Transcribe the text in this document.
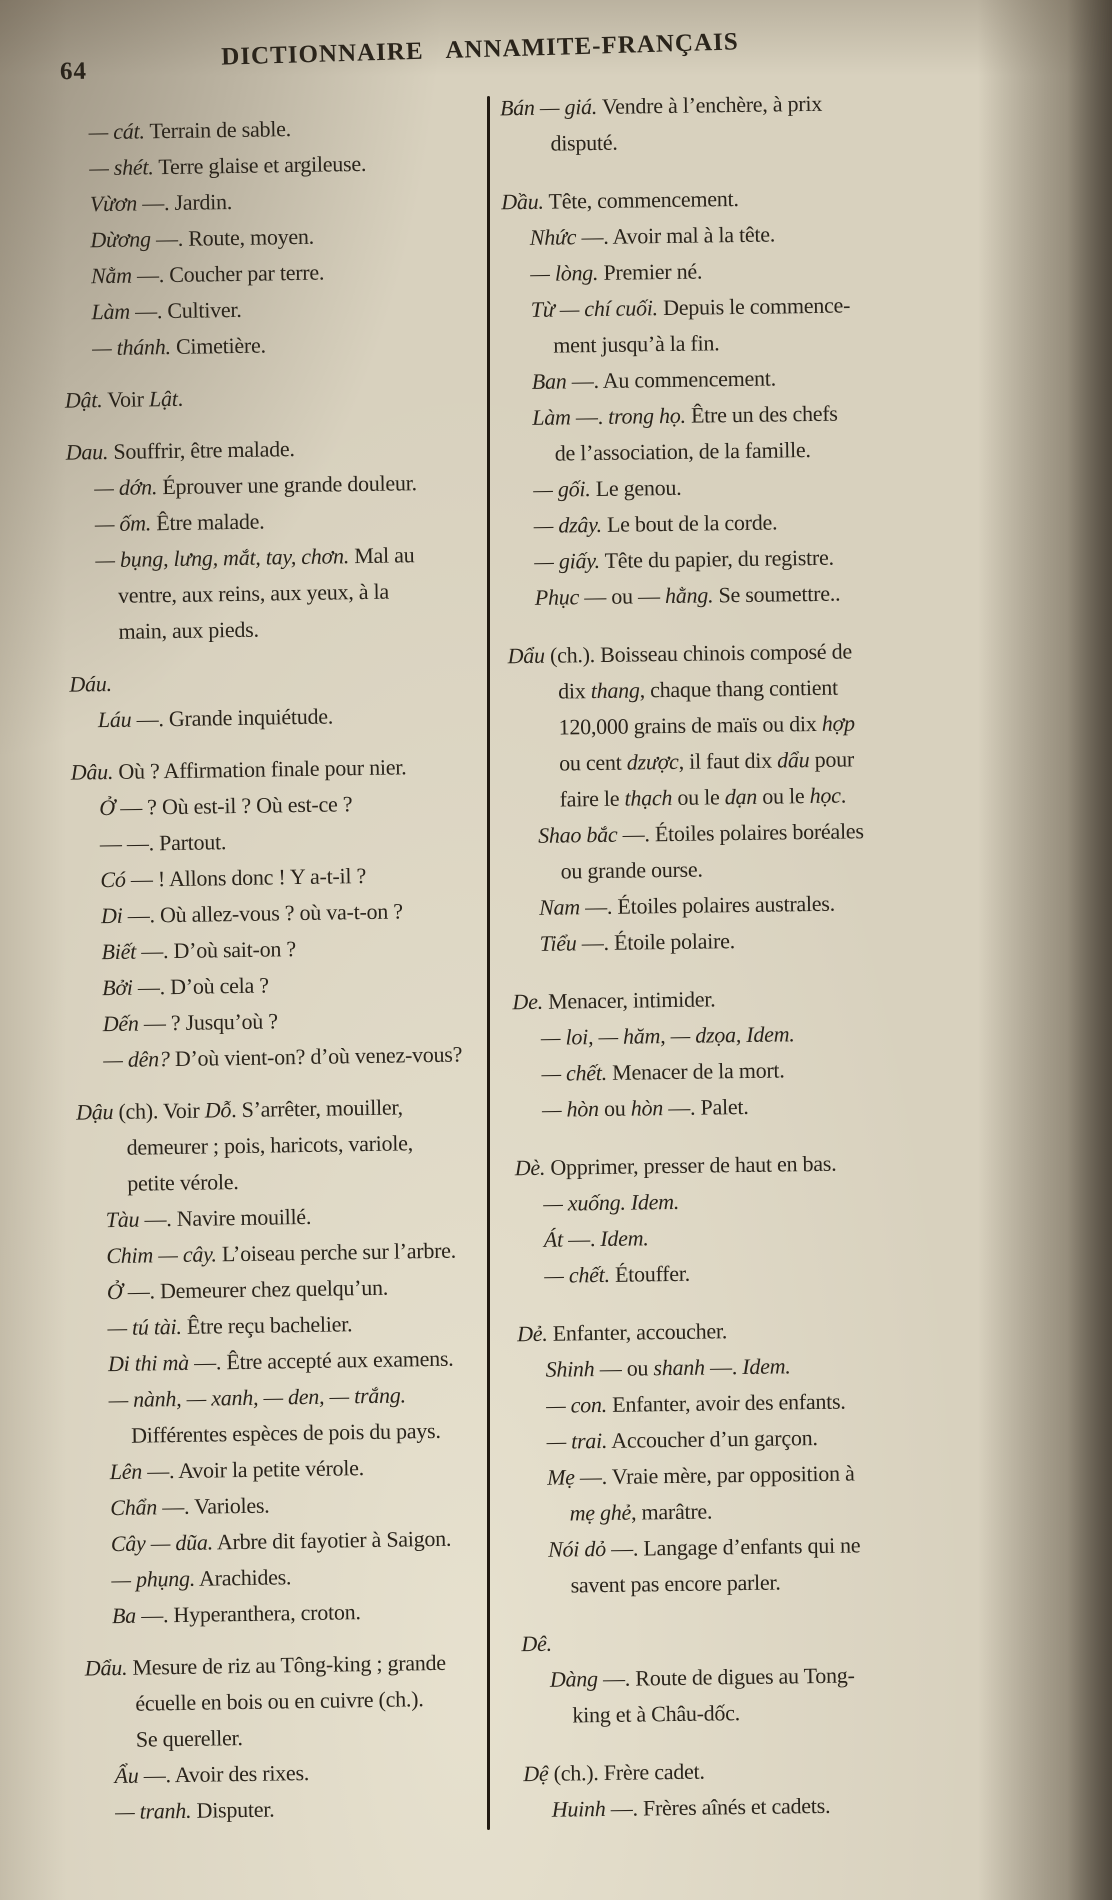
64
DICTIONNAIRE ANNAMITE-FRANÇAIS
— cát. Terrain de sable.
— shét. Terre glaise et argileuse.
Vừơn —. Jardin.
Dừơng —. Route, moyen.
Nằm —. Coucher par terre.
Làm —. Cultiver.
— thánh. Cimetière.
Dật. Voir Lật.
Dau. Souffrir, être malade.
— dớn. Éprouver une grande douleur.
— ốm. Être malade.
— bụng, lưng, mắt, tay, chơn. Mal au
ventre, aux reins, aux yeux, à la
main, aux pieds.
Dáu.
Láu —. Grande inquiétude.
Dâu. Où ? Affirmation finale pour nier.
Ở — ? Où est-il ? Où est-ce ?
— —. Partout.
Có — ! Allons donc ! Y a-t-il ?
Di —. Où allez-vous ? où va-t-on ?
Biết —. D’où sait-on ?
Bởi —. D’où cela ?
Dến — ? Jusqu’où ?
— dên? D’où vient-on? d’où venez-vous?
Dậu (ch). Voir Dỗ. S’arrêter, mouiller,
demeurer ; pois, haricots, variole,
petite vérole.
Tàu —. Navire mouillé.
Chim — cây. L’oiseau perche sur l’arbre.
Ở —. Demeurer chez quelqu’un.
— tú tài. Être reçu bachelier.
Di thi mà —. Être accepté aux examens.
— nành, — xanh, — den, — trắng.
Différentes espèces de pois du pays.
Lên —. Avoir la petite vérole.
Chẩn —. Varioles.
Cây — dũa. Arbre dit fayotier à Saigon.
— phụng. Arachides.
Ba —. Hyperanthera, croton.
Dẩu. Mesure de riz au Tông-king ; grande
écuelle en bois ou en cuivre (ch.).
Se quereller.
Ẩu —. Avoir des rixes.
— tranh. Disputer.
Bán — giá. Vendre à l’enchère, à prix
disputé.
Dầu. Tête, commencement.
Nhức —. Avoir mal à la tête.
— lòng. Premier né.
Từ — chí cuối. Depuis le commence-
ment jusqu’à la fin.
Ban —. Au commencement.
Làm —. trong họ. Être un des chefs
de l’association, de la famille.
— gối. Le genou.
— dzây. Le bout de la corde.
— giấy. Tête du papier, du registre.
Phục — ou — hằng. Se soumettre..
Dẩu (ch.). Boisseau chinois composé de
dix thang, chaque thang contient
120,000 grains de maïs ou dix hợp
ou cent dzược, il faut dix dẩu pour
faire le thạch ou le dạn ou le học.
Shao bắc —. Étoiles polaires boréales
ou grande ourse.
Nam —. Étoiles polaires australes.
Tiểu —. Étoile polaire.
De. Menacer, intimider.
— loi, — hăm, — dzọa, Idem.
— chết. Menacer de la mort.
— hòn ou hòn —. Palet.
Dè. Opprimer, presser de haut en bas.
— xuống. Idem.
Át —. Idem.
— chết. Étouffer.
Dẻ. Enfanter, accoucher.
Shinh — ou shanh —. Idem.
— con. Enfanter, avoir des enfants.
— trai. Accoucher d’un garçon.
Mẹ —. Vraie mère, par opposition à
mẹ ghẻ, marâtre.
Nói dỏ —. Langage d’enfants qui ne
savent pas encore parler.
Dê.
Dàng —. Route de digues au Tong-
king et à Châu-dốc.
Dệ (ch.). Frère cadet.
Huinh —. Frères aînés et cadets.
